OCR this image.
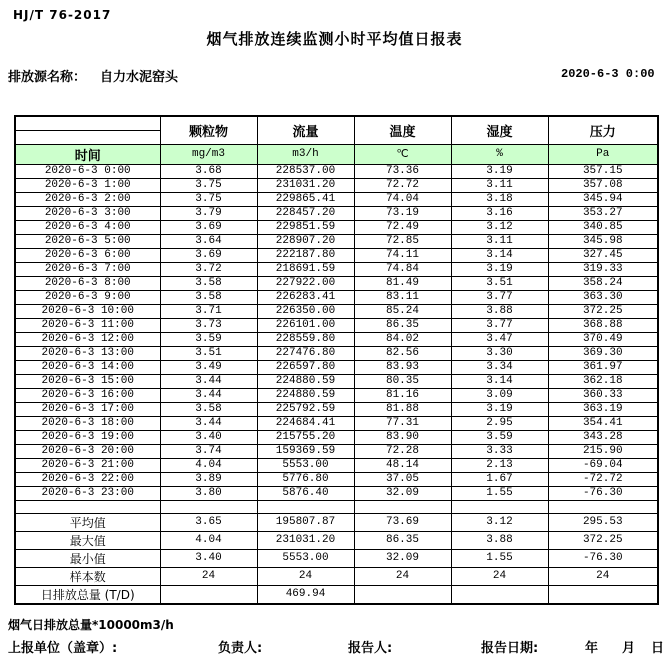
HJ/T 76-2017
烟气排放连续监测小时平均值日报表
排放源名称： 自力水泥窑头	2020-6-3 0:00
	颗粒物	流量	温度	湿度	压力

时间	mg/m3	m3/h	℃	%	Pa
2020-6-3 0:00	3.68	228537.00	73.36	3.19	357.15
2020-6-3 1:00	3.75	231031.20	72.72	3.11	357.08
2020-6-3 2:00	3.75	229865.41	74.04	3.18	345.94
2020-6-3 3:00	3.79	228457.20	73.19	3.16	353.27
2020-6-3 4:00	3.69	229851.59	72.49	3.12	340.85
2020-6-3 5:00	3.64	228907.20	72.85	3.11	345.98
2020-6-3 6:00	3.69	222187.80	74.11	3.14	327.45
2020-6-3 7:00	3.72	218691.59	74.84	3.19	319.33
2020-6-3 8:00	3.58	227922.00	81.49	3.51	358.24
2020-6-3 9:00	3.58	226283.41	83.11	3.77	363.30
2020-6-3 10:00	3.71	226350.00	85.24	3.88	372.25
2020-6-3 11:00	3.73	226101.00	86.35	3.77	368.88
2020-6-3 12:00	3.59	228559.80	84.02	3.47	370.49
2020-6-3 13:00	3.51	227476.80	82.56	3.30	369.30
2020-6-3 14:00	3.49	226597.80	83.93	3.34	361.97
2020-6-3 15:00	3.44	224880.59	80.35	3.14	362.18
2020-6-3 16:00	3.44	224880.59	81.16	3.09	360.33
2020-6-3 17:00	3.58	225792.59	81.88	3.19	363.19
2020-6-3 18:00	3.44	224684.41	77.31	2.95	354.41
2020-6-3 19:00	3.40	215755.20	83.90	3.59	343.28
2020-6-3 20:00	3.74	159369.59	72.28	3.33	215.90
2020-6-3 21:00	4.04	5553.00	48.14	2.13	-69.04
2020-6-3 22:00	3.89	5776.80	37.05	1.67	-72.72
2020-6-3 23:00	3.80	5876.40	32.09	1.55	-76.30

平均值	3.65	195807.87	73.69	3.12	295.53
最大值	4.04	231031.20	86.35	3.88	372.25
最小值	3.40	5553.00	32.09	1.55	-76.30
样本数	24	24	24	24	24
日排放总量 (T/D)		469.94			
烟气日排放总量*10000m3/h
上报单位（盖章）:	负责人:	报告人:	报告日期:	年 月 日
